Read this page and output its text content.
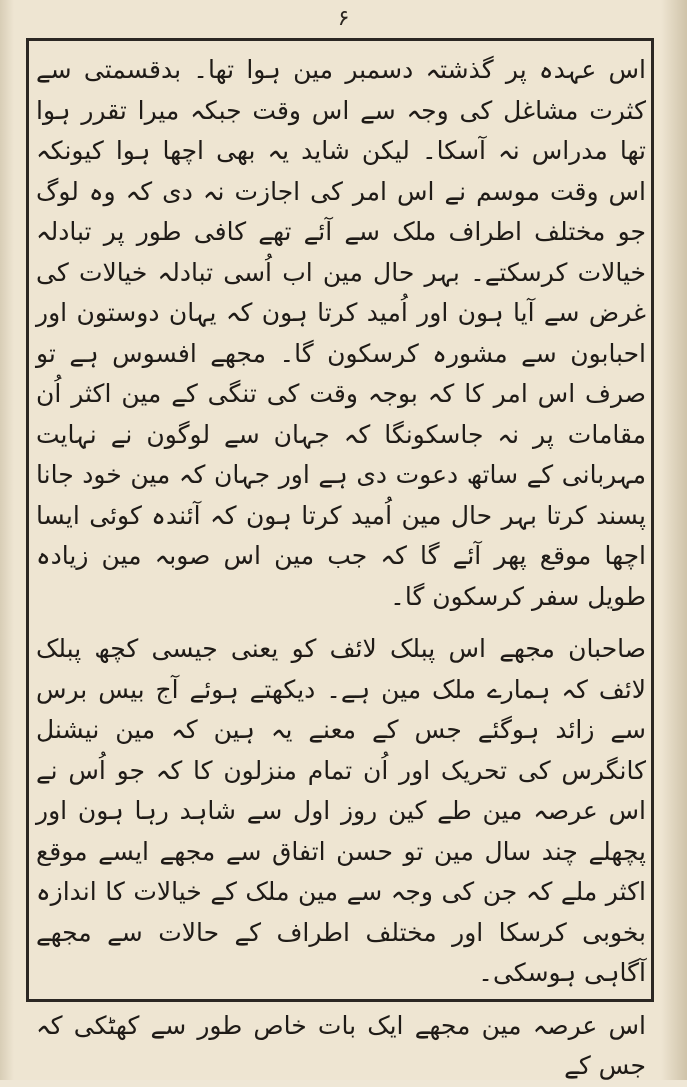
۶

اس عہدہ پر گذشتہ دسمبر مین ہوا تھا۔ بدقسمتی سے کثرت مشاغل کی وجہ سے اس وقت جبکہ میرا تقرر ہوا تھا مدراس نہ آسکا۔ لیکن شاید یہ بھی اچھا ہوا کیونکہ اس وقت موسم نے اس امر کی اجازت نہ دی کہ وہ لوگ جو مختلف اطراف ملک سے آئے تھے کافی طور پر تبادلہ خیالات کرسکتے۔ بہر حال مین اب اُسی تبادلہ خیالات کی غرض سے آیا ہون اور اُمید کرتا ہون کہ یہان دوستون اور احبابون سے مشورہ کرسکون گا۔ مجھے افسوس ہے تو صرف اس امر کا کہ بوجہ وقت کی تنگی کے مین اکثر اُن مقامات پر نہ جاسکونگا کہ جہان سے لوگون نے نہایت مہربانی کے ساتھ دعوت دی ہے اور جہان کہ مین خود جانا پسند کرتا بہر حال مین اُمید کرتا ہون کہ آئندہ کوئی ایسا اچھا موقع پھر آئے گا کہ جب مین اس صوبہ مین زیادہ طویل سفر کرسکون گا۔

صاحبان مجھے اس پبلک لائف کو یعنی جیسی کچھ پبلک لائف کہ ہمارے ملک مین ہے۔ دیکھتے ہوئے آج بیس برس سے زائد ہوگئے جس کے معنے یہ ہین کہ مین نیشنل کانگرس کی تحریک اور اُن تمام منزلون کا کہ جو اُس نے اس عرصہ مین طے کین روز اول سے شاہد رہا ہون اور پچھلے چند سال مین تو حسن اتفاق سے مجھے ایسے موقع اکثر ملے کہ جن کی وجہ سے مین ملک کے خیالات کا اندازہ بخوبی کرسکا اور مختلف اطراف کے حالات سے مجھے آگاہی ہوسکی۔

اس عرصہ مین مجھے ایک بات خاص طور سے کھٹکی کہ جس کے
